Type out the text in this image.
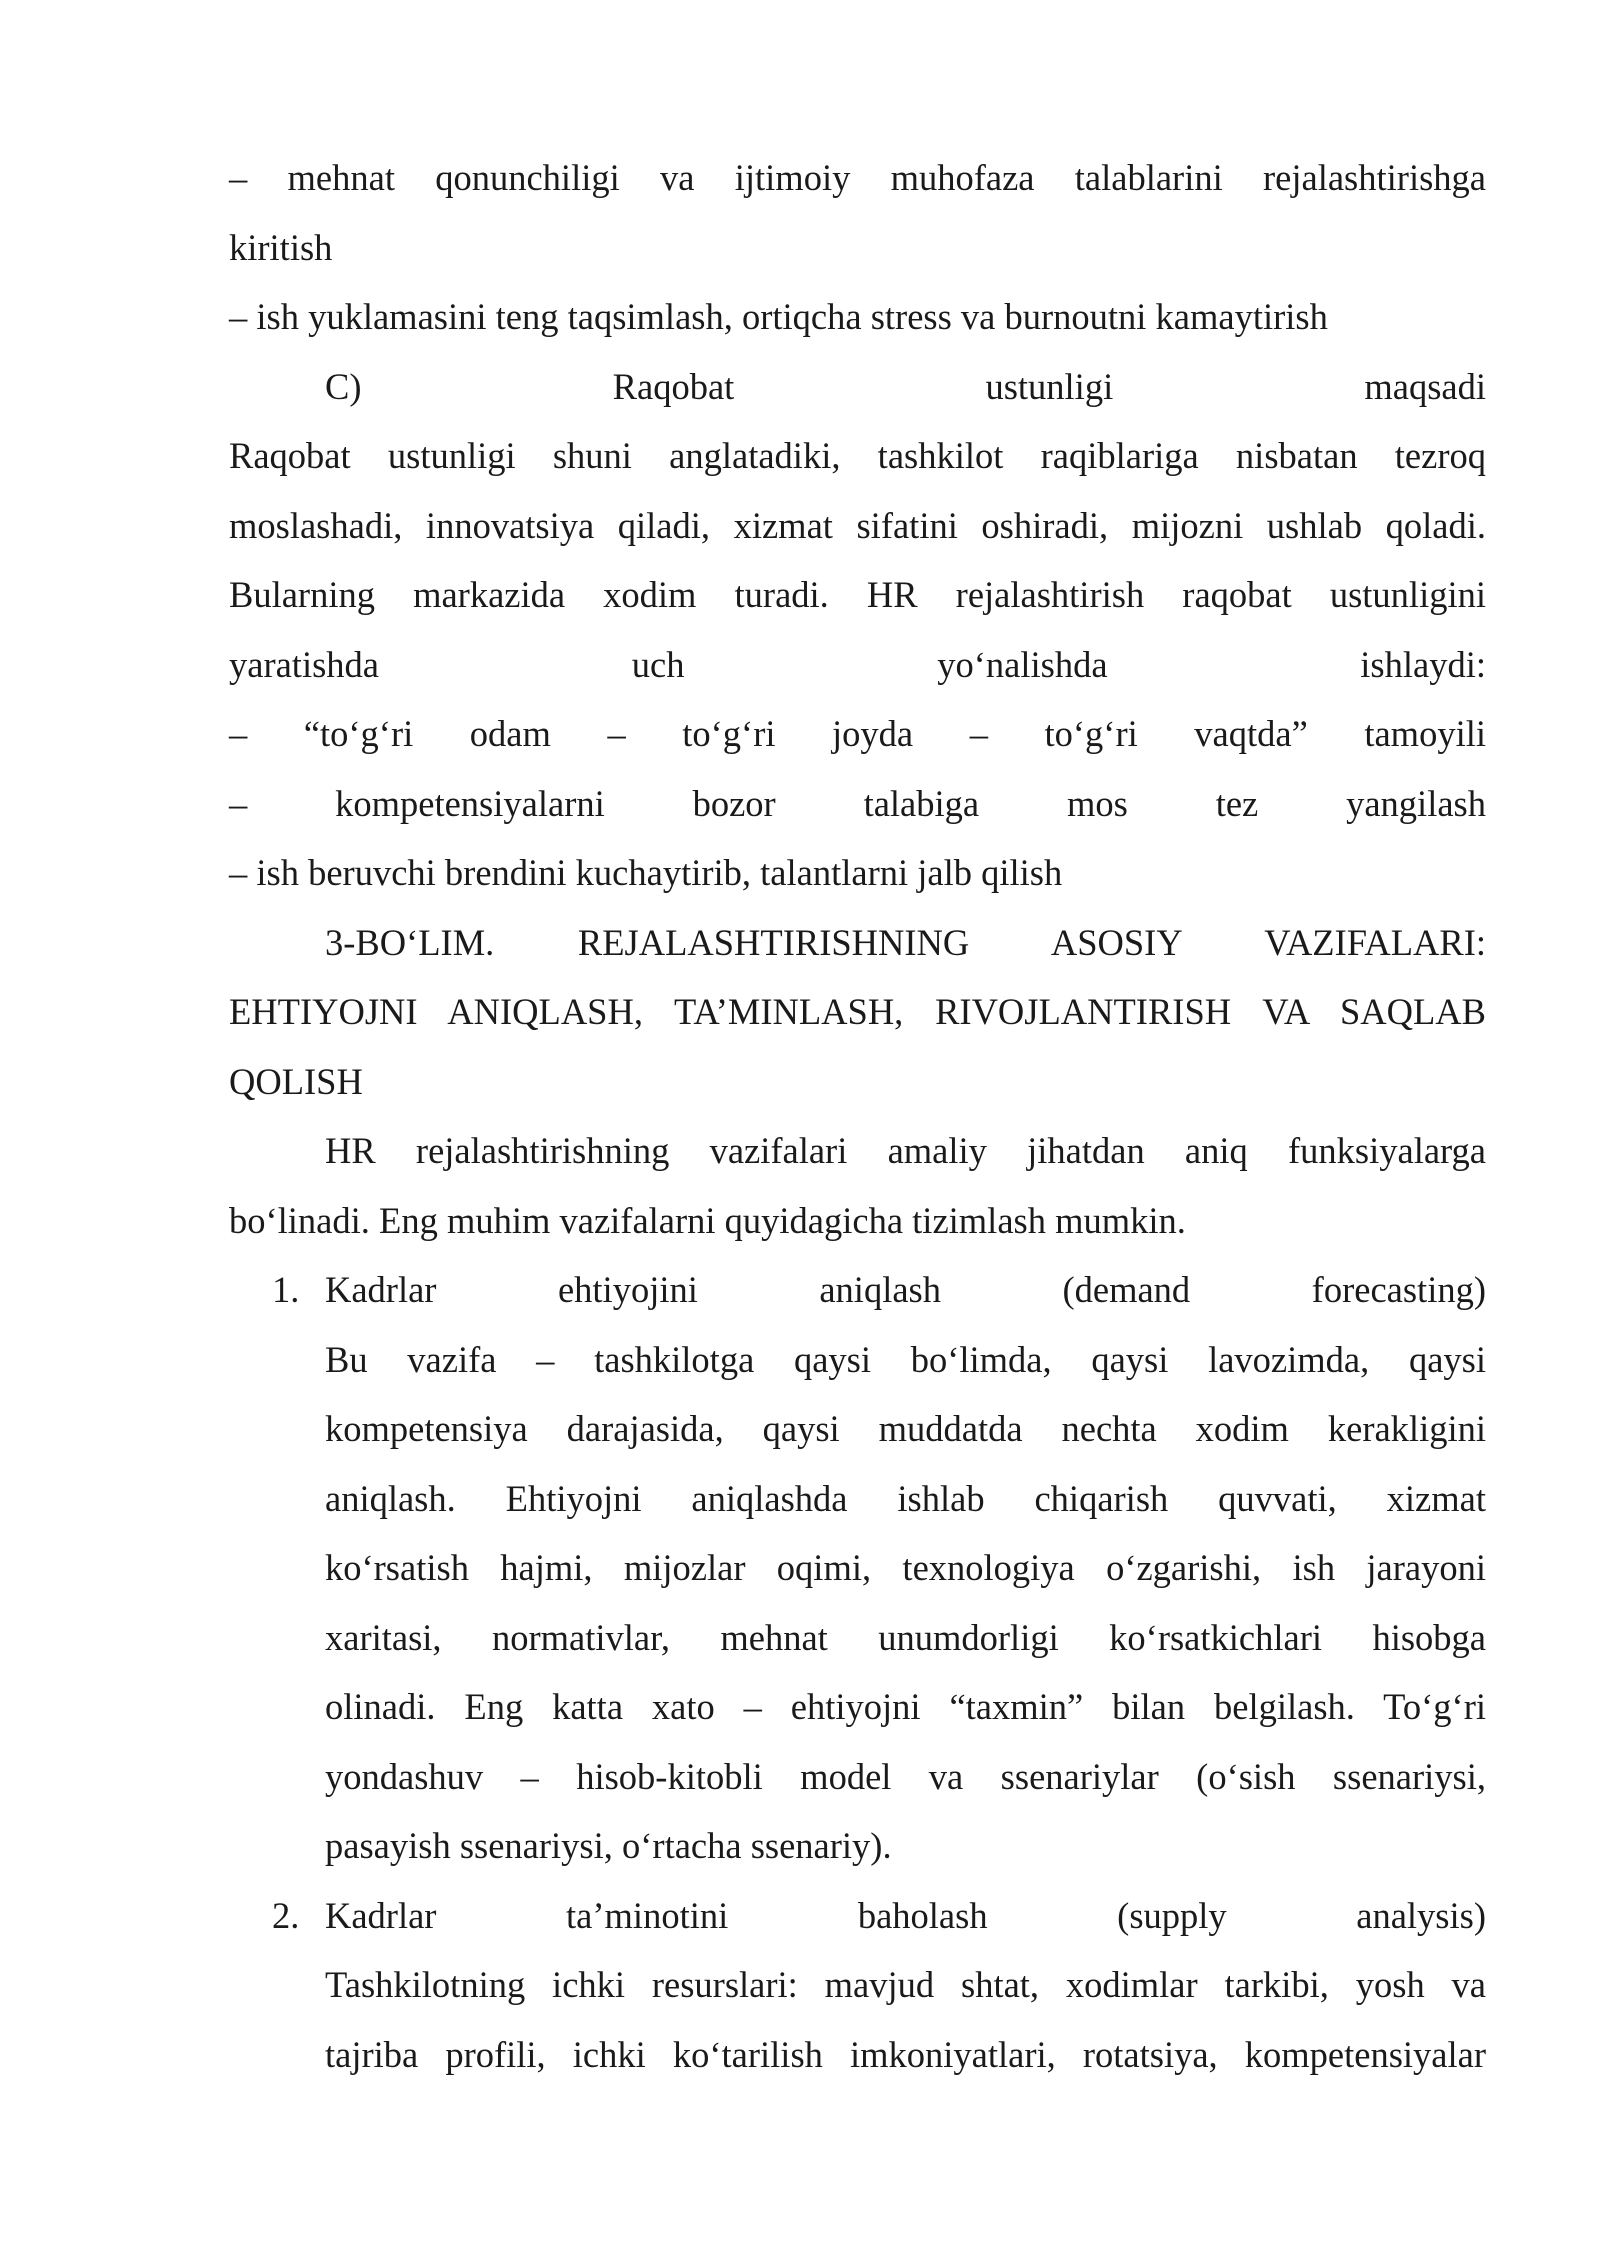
– mehnat qonunchiligi va ijtimoiy muhofaza talablarini rejalashtirishga
kiritish
– ish yuklamasini teng taqsimlash, ortiqcha stress va burnoutni kamaytirish
C) Raqobat ustunligi maqsadi
Raqobat ustunligi shuni anglatadiki, tashkilot raqiblariga nisbatan tezroq
moslashadi, innovatsiya qiladi, xizmat sifatini oshiradi, mijozni ushlab qoladi.
Bularning markazida xodim turadi. HR rejalashtirish raqobat ustunligini
yaratishda uch yo‘nalishda ishlaydi:
– “to‘g‘ri odam – to‘g‘ri joyda – to‘g‘ri vaqtda” tamoyili
– kompetensiyalarni bozor talabiga mos tez yangilash
– ish beruvchi brendini kuchaytirib, talantlarni jalb qilish
3-BO‘LIM. REJALASHTIRISHNING ASOSIY VAZIFALARI:
EHTIYOJNI ANIQLASH, TA’MINLASH, RIVOJLANTIRISH VA SAQLAB
QOLISH
HR rejalashtirishning vazifalari amaliy jihatdan aniq funksiyalarga
bo‘linadi. Eng muhim vazifalarni quyidagicha tizimlash mumkin.
1. Kadrlar ehtiyojini aniqlash (demand forecasting)
Bu vazifa – tashkilotga qaysi bo‘limda, qaysi lavozimda, qaysi
kompetensiya darajasida, qaysi muddatda nechta xodim kerakligini
aniqlash. Ehtiyojni aniqlashda ishlab chiqarish quvvati, xizmat
ko‘rsatish hajmi, mijozlar oqimi, texnologiya o‘zgarishi, ish jarayoni
xaritasi, normativlar, mehnat unumdorligi ko‘rsatkichlari hisobga
olinadi. Eng katta xato – ehtiyojni “taxmin” bilan belgilash. To‘g‘ri
yondashuv – hisob-kitobli model va ssenariylar (o‘sish ssenariysi,
pasayish ssenariysi, o‘rtacha ssenariy).
2. Kadrlar ta’minotini baholash (supply analysis)
Tashkilotning ichki resurslari: mavjud shtat, xodimlar tarkibi, yosh va
tajriba profili, ichki ko‘tarilish imkoniyatlari, rotatsiya, kompetensiyalar
